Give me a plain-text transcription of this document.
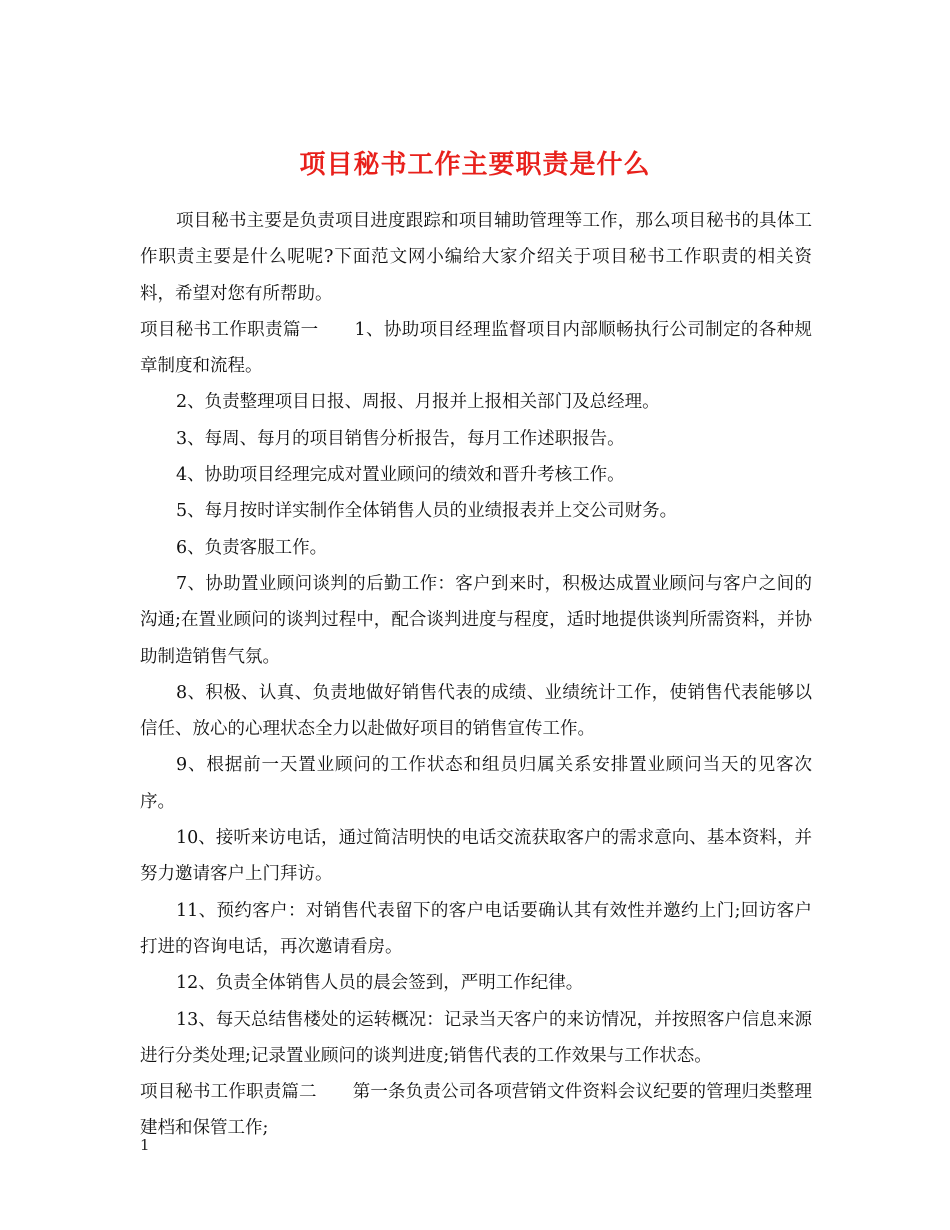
项目秘书工作主要职责是什么

项目秘书主要是负责项目进度跟踪和项目辅助管理等工作，那么项目秘书的具体工作职责主要是什么呢呢?下面范文网小编给大家介绍关于项目秘书工作职责的相关资料，希望对您有所帮助。

项目秘书工作职责篇一 1、协助项目经理监督项目内部顺畅执行公司制定的各种规章制度和流程。

2、负责整理项目日报、周报、月报并上报相关部门及总经理。

3、每周、每月的项目销售分析报告，每月工作述职报告。

4、协助项目经理完成对置业顾问的绩效和晋升考核工作。

5、每月按时详实制作全体销售人员的业绩报表并上交公司财务。

6、负责客服工作。

7、协助置业顾问谈判的后勤工作：客户到来时，积极达成置业顾问与客户之间的沟通;在置业顾问的谈判过程中，配合谈判进度与程度，适时地提供谈判所需资料，并协助制造销售气氛。

8、积极、认真、负责地做好销售代表的成绩、业绩统计工作，使销售代表能够以信任、放心的心理状态全力以赴做好项目的销售宣传工作。

9、根据前一天置业顾问的工作状态和组员归属关系安排置业顾问当天的见客次序。

10、接听来访电话，通过简洁明快的电话交流获取客户的需求意向、基本资料，并努力邀请客户上门拜访。

11、预约客户：对销售代表留下的客户电话要确认其有效性并邀约上门;回访客户打进的咨询电话，再次邀请看房。

12、负责全体销售人员的晨会签到，严明工作纪律。

13、每天总结售楼处的运转概况：记录当天客户的来访情况，并按照客户信息来源进行分类处理;记录置业顾问的谈判进度;销售代表的工作效果与工作状态。

项目秘书工作职责篇二 第一条负责公司各项营销文件资料会议纪要的管理归类整理建档和保管工作;

1
